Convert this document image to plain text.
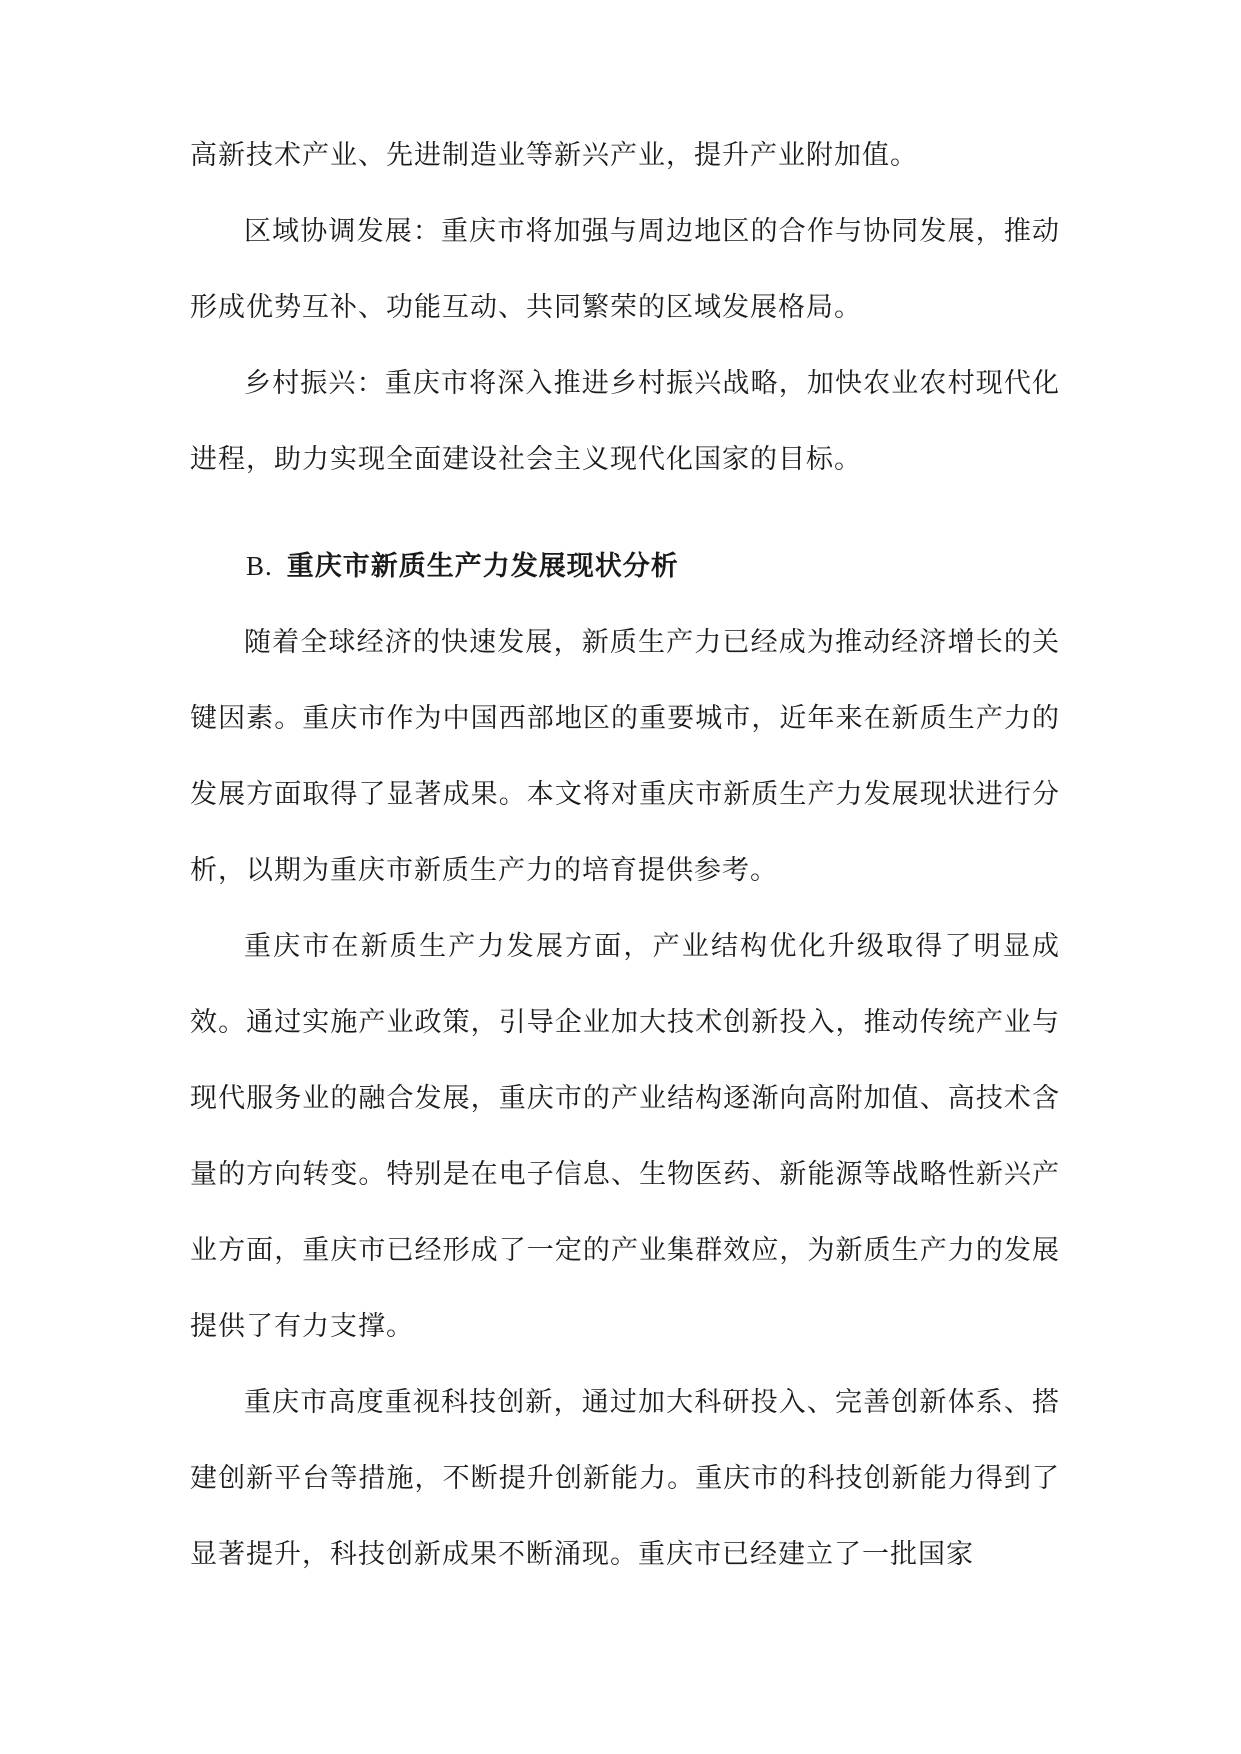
高新技术产业、先进制造业等新兴产业，提升产业附加值。

区域协调发展：重庆市将加强与周边地区的合作与协同发展，推动形成优势互补、功能互动、共同繁荣的区域发展格局。

乡村振兴：重庆市将深入推进乡村振兴战略，加快农业农村现代化进程，助力实现全面建设社会主义现代化国家的目标。

B. 重庆市新质生产力发展现状分析

随着全球经济的快速发展，新质生产力已经成为推动经济增长的关键因素。重庆市作为中国西部地区的重要城市，近年来在新质生产力的发展方面取得了显著成果。本文将对重庆市新质生产力发展现状进行分析，以期为重庆市新质生产力的培育提供参考。

重庆市在新质生产力发展方面，产业结构优化升级取得了明显成效。通过实施产业政策，引导企业加大技术创新投入，推动传统产业与现代服务业的融合发展，重庆市的产业结构逐渐向高附加值、高技术含量的方向转变。特别是在电子信息、生物医药、新能源等战略性新兴产业方面，重庆市已经形成了一定的产业集群效应，为新质生产力的发展提供了有力支撑。

重庆市高度重视科技创新，通过加大科研投入、完善创新体系、搭建创新平台等措施，不断提升创新能力。重庆市的科技创新能力得到了显著提升，科技创新成果不断涌现。重庆市已经建立了一批国家
